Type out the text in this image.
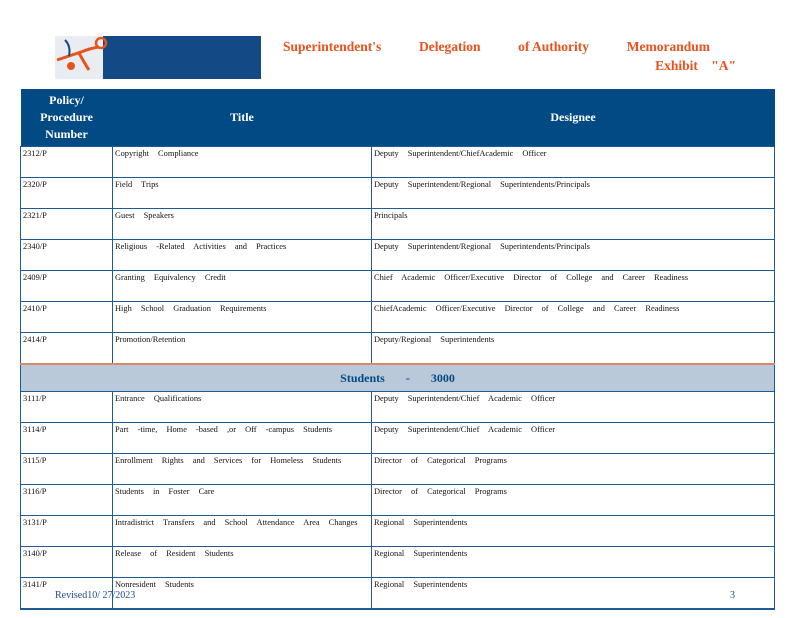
Superintendent's	Delegation	of Authority	Memorandum
Exhibit "A"
Policy/
Procedure
Number	Title	Designee
2312/P	Copyright Compliance	Deputy Superintendent/ChiefAcademic Officer
2320/P	Field Trips	Deputy Superintendent/Regional Superintendents/Principals
2321/P	Guest Speakers	Principals
2340/P	Religious -Related Activities and Practices	Deputy Superintendent/Regional Superintendents/Principals
2409/P	Granting Equivalency Credit	Chief Academic Officer/Executive Director of College and Career Readiness
2410/P	High School Graduation Requirements	ChiefAcademic Officer/Executive Director of College and Career Readiness
2414/P	Promotion/Retention	Deputy/Regional Superintendents
Students - 3000		
3111/P	Entrance Qualifications	Deputy Superintendent/Chief Academic Officer
3114/P	Part -time, Home -based ,or Off -campus Students	Deputy Superintendent/Chief Academic Officer
3115/P	Enrollment Rights and Services for Homeless Students	Director of Categorical Programs
3116/P	Students in Foster Care	Director of Categorical Programs
3131/P	Intradistrict Transfers and School Attendance Area Changes	Regional Superintendents
3140/P	Release of Resident Students	Regional Superintendents
3141/P	Nonresident Students	Regional Superintendents
Revised10/ 27/2023	3
